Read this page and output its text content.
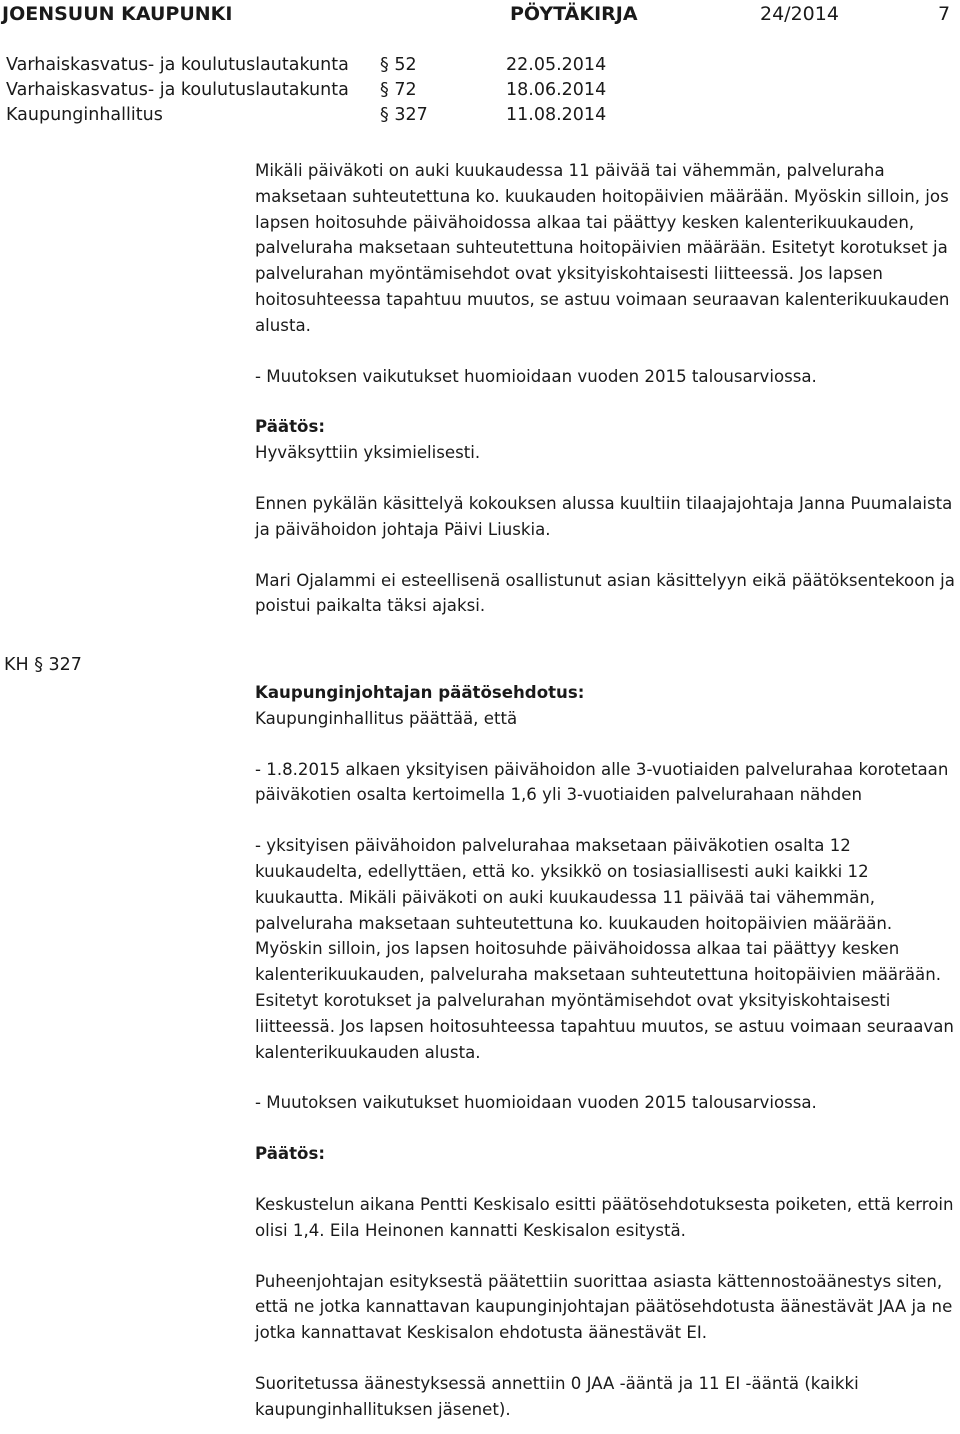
JOENSUUN KAUPUNKI	PÖYTÄKIRJA	24/2014	7
Varhaiskasvatus- ja koulutuslautakunta § 52	22.05.2014
Varhaiskasvatus- ja koulutuslautakunta § 72	18.06.2014
Kaupunginhallitus	§ 327	11.08.2014

Mikäli päiväkoti on auki kuukaudessa 11 päivää tai vähemmän, palveluraha maksetaan suhteutettuna ko. kuukauden hoitopäivien määrään. Myöskin silloin, jos lapsen hoitosuhde päivähoidossa alkaa tai päättyy kesken kalenterikuukauden, palveluraha maksetaan suhteutettuna hoitopäivien määrään. Esitetyt korotukset ja palvelurahan myöntämisehdot ovat yksityiskohtaisesti liitteessä. Jos lapsen hoitosuhteessa tapahtuu muutos, se astuu voimaan seuraavan kalenterikuukauden alusta.

- Muutoksen vaikutukset huomioidaan vuoden 2015 talousarviossa.

Päätös:

Hyväksyttiin yksimielisesti.

Ennen pykälän käsittelyä kokouksen alussa kuultiin tilaajajohtaja Janna Puumalaista ja päivähoidon johtaja Päivi Liuskia.

Mari Ojalammi ei esteellisenä osallistunut asian käsittelyyn eikä päätöksentekoon ja poistui paikalta täksi ajaksi.

KH § 327

Kaupunginjohtajan päätösehdotus:

Kaupunginhallitus päättää, että

- 1.8.2015 alkaen yksityisen päivähoidon alle 3-vuotiaiden palvelurahaa korotetaan päiväkotien osalta kertoimella 1,6 yli 3-vuotiaiden palvelurahaan nähden

- yksityisen päivähoidon palvelurahaa maksetaan päiväkotien osalta 12 kuukaudelta, edellyttäen, että ko. yksikkö on tosiasiallisesti auki kaikki 12 kuukautta. Mikäli päiväkoti on auki kuukaudessa 11 päivää tai vähemmän, palveluraha maksetaan suhteutettuna ko. kuukauden hoitopäivien määrään. Myöskin silloin, jos lapsen hoitosuhde päivähoidossa alkaa tai päättyy kesken kalenterikuukauden, palveluraha maksetaan suhteutettuna hoitopäivien määrään. Esitetyt korotukset ja palvelurahan myöntämisehdot ovat yksityiskohtaisesti liitteessä. Jos lapsen hoitosuhteessa tapahtuu muutos, se astuu voimaan seuraavan kalenterikuukauden alusta.

- Muutoksen vaikutukset huomioidaan vuoden 2015 talousarviossa.

Päätös:

Keskustelun aikana Pentti Keskisalo esitti päätösehdotuksesta poiketen, että kerroin olisi 1,4. Eila Heinonen kannatti Keskisalon esitystä.

Puheenjohtajan esityksestä päätettiin suorittaa asiasta kättennostoäänestys siten, että ne jotka kannattavan kaupunginjohtajan päätösehdotusta äänestävät JAA ja ne jotka kannattavat Keskisalon ehdotusta äänestävät EI.

Suoritetussa äänestyksessä annettiin 0 JAA -ääntä ja 11 EI -ääntä (kaikki kaupunginhallituksen jäsenet).
